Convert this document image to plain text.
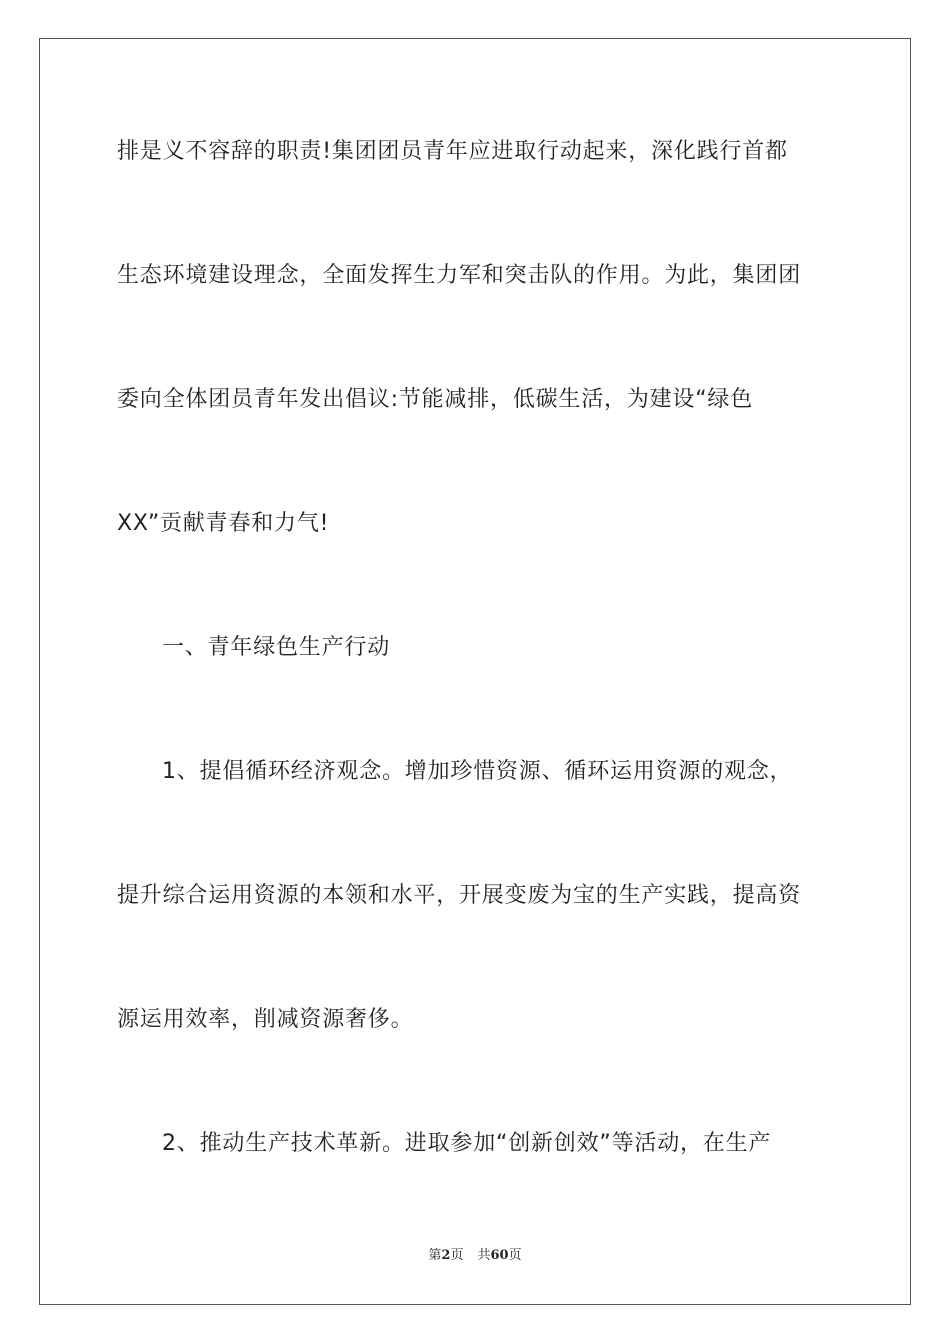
排是义不容辞的职责!集团团员青年应进取行动起来，深化践行首都
生态环境建设理念，全面发挥生力军和突击队的作用。为此，集团团
委向全体团员青年发出倡议:节能减排，低碳生活，为建设“绿色
XX”贡献青春和力气!
一、青年绿色生产行动
1、提倡循环经济观念。增加珍惜资源、循环运用资源的观念，
提升综合运用资源的本领和水平，开展变废为宝的生产实践，提高资
源运用效率，削减资源奢侈。
2、推动生产技术革新。进取参加“创新创效”等活动，在生产
第2页 共60页
